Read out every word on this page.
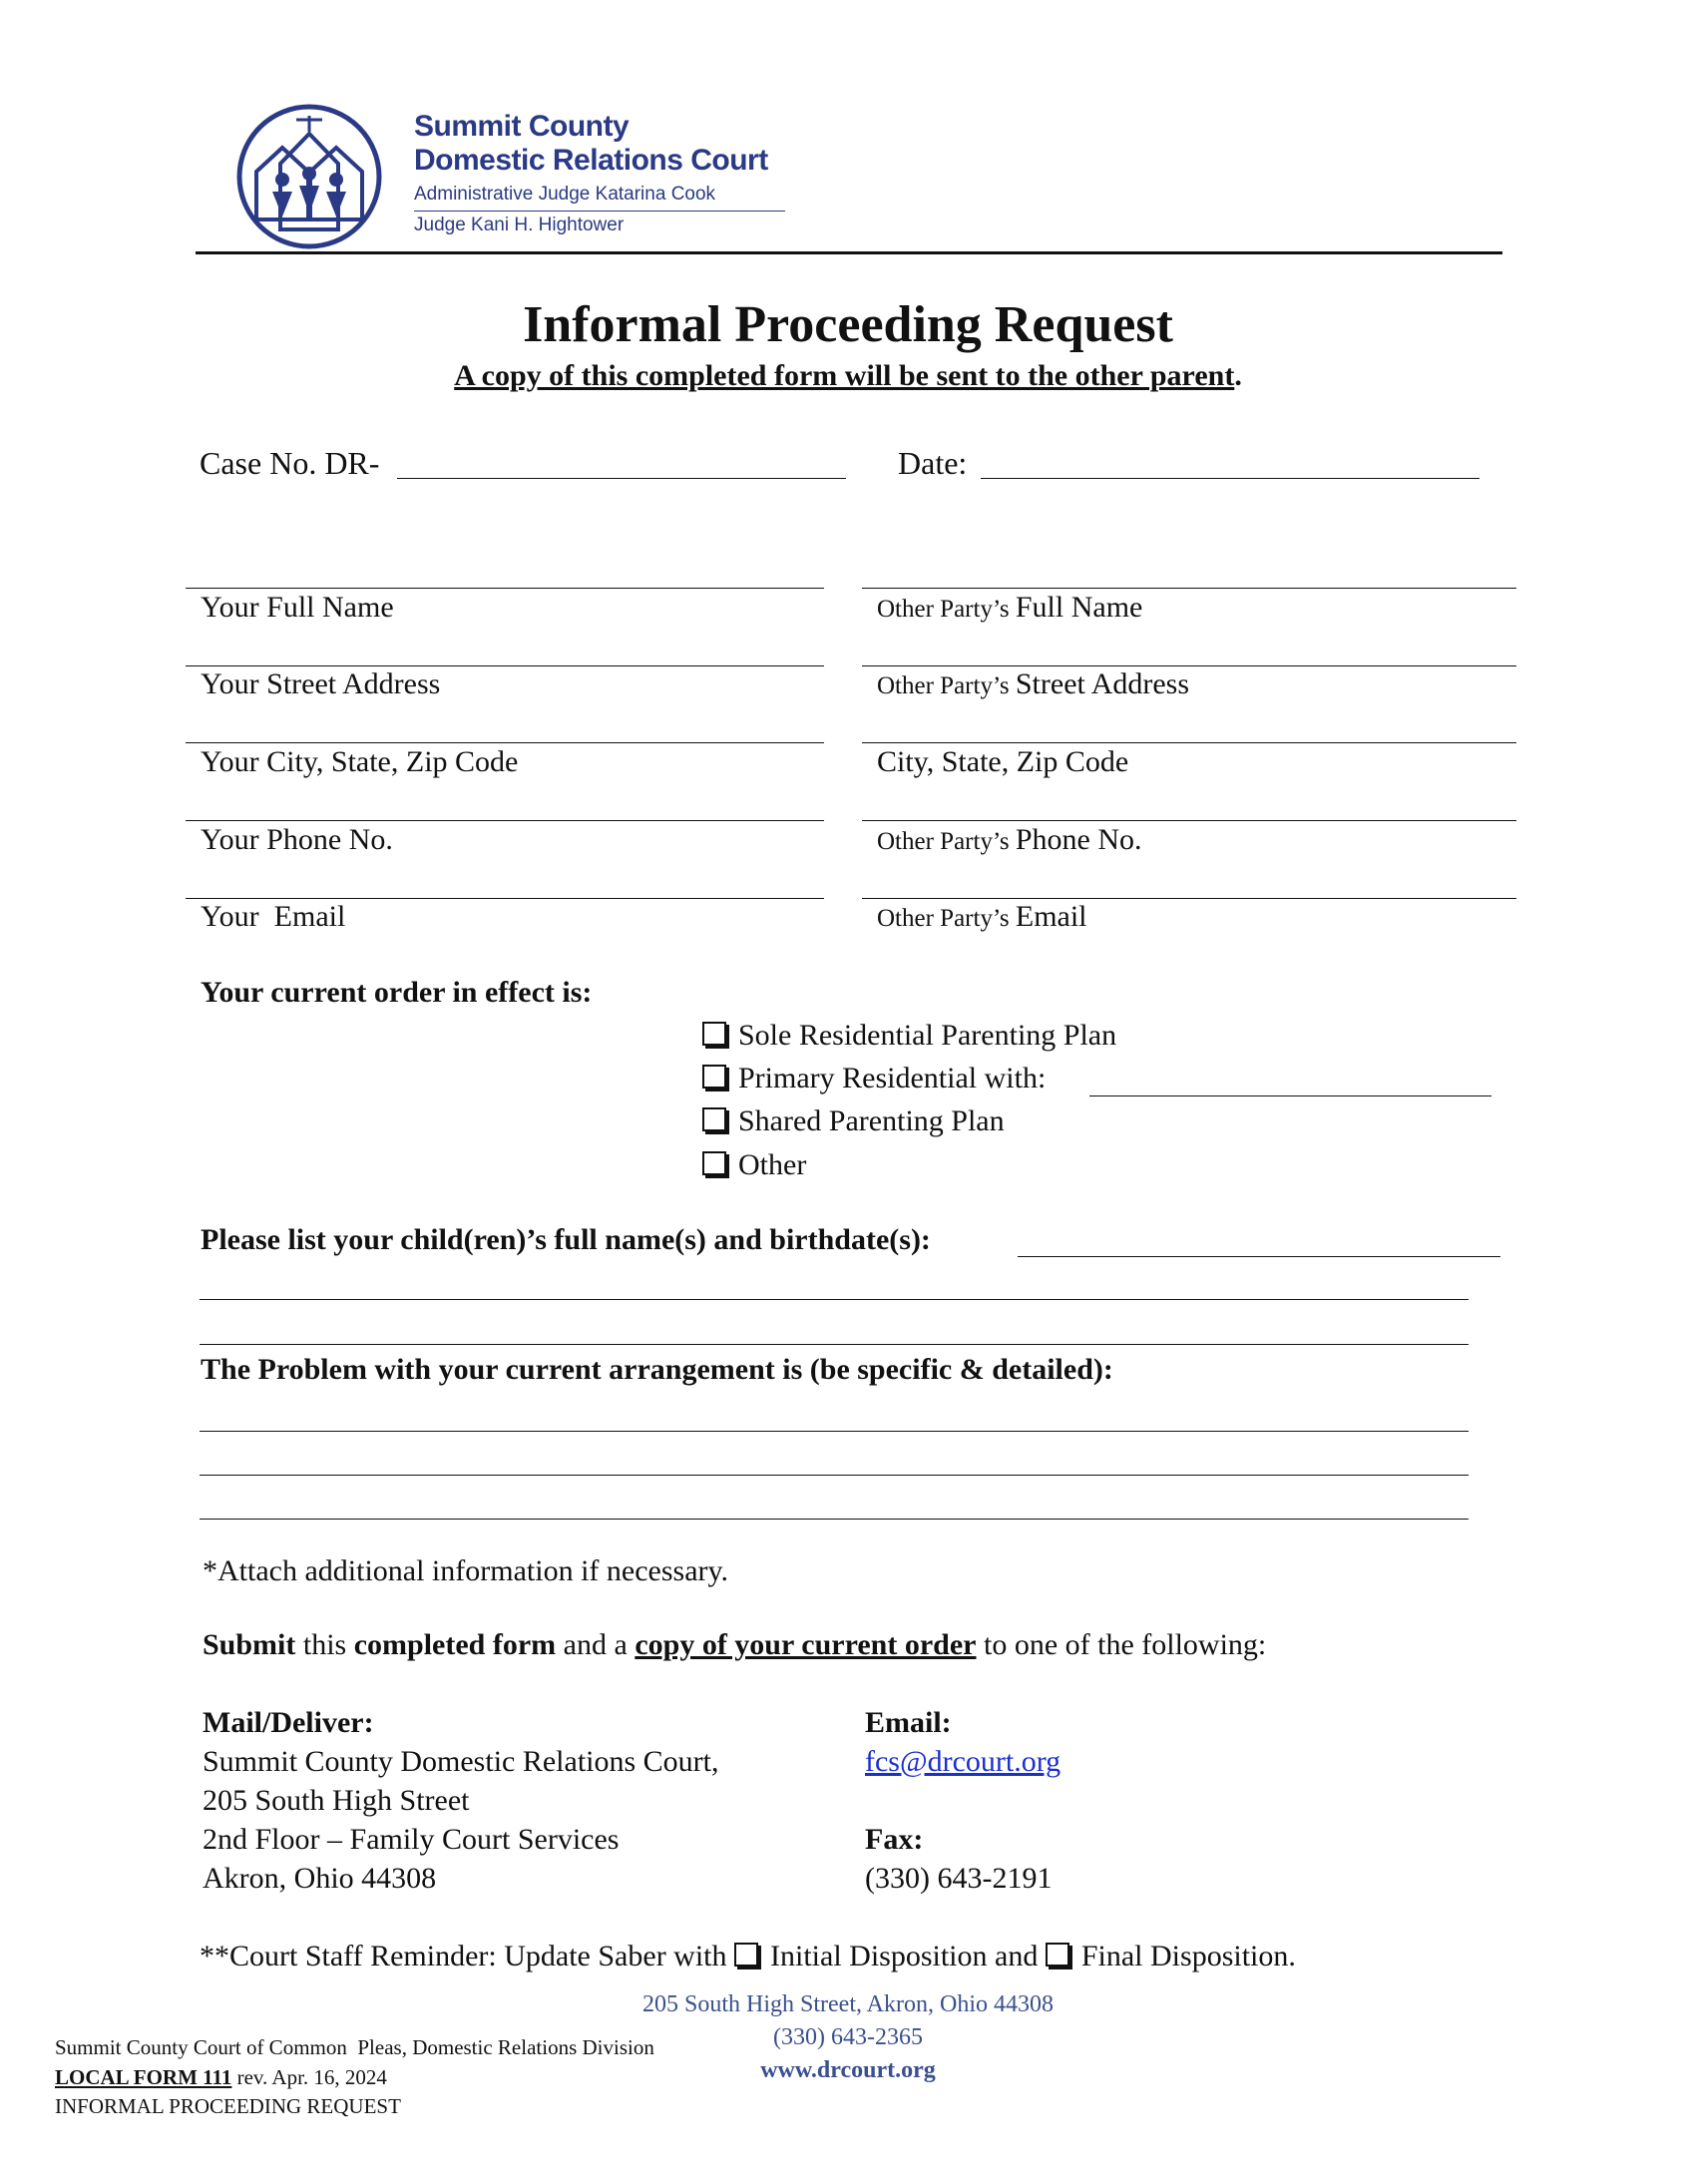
Summit County
Domestic Relations Court
Administrative Judge Katarina Cook
Judge Kani H. Hightower
Informal Proceeding Request
A copy of this completed form will be sent to the other parent.
Case No. DR-	Date:
Your Full Name	Other Party’s Full Name
Your Street Address	Other Party’s Street Address
Your City, State, Zip Code	City, State, Zip Code
Your Phone No.	Other Party’s Phone No.
Your  Email	Other Party’s Email
Your current order in effect is:
Sole Residential Parenting Plan
Primary Residential with:
Shared Parenting Plan
Other
Please list your child(ren)’s full name(s) and birthdate(s):
The Problem with your current arrangement is (be specific & detailed):
*Attach additional information if necessary.
Submit this completed form and a copy of your current order to one of the following:
Mail/Deliver:
Summit County Domestic Relations Court,
205 South High Street
2nd Floor – Family Court Services
Akron, Ohio 44308
Email:
fcs@drcourt.org
Fax:
(330) 643-2191
**Court Staff Reminder: Update Saber with Initial Disposition and Final Disposition.
205 South High Street, Akron, Ohio 44308
(330) 643-2365
www.drcourt.org
Summit County Court of Common  Pleas, Domestic Relations Division
LOCAL FORM 111 rev. Apr. 16, 2024
INFORMAL PROCEEDING REQUEST
